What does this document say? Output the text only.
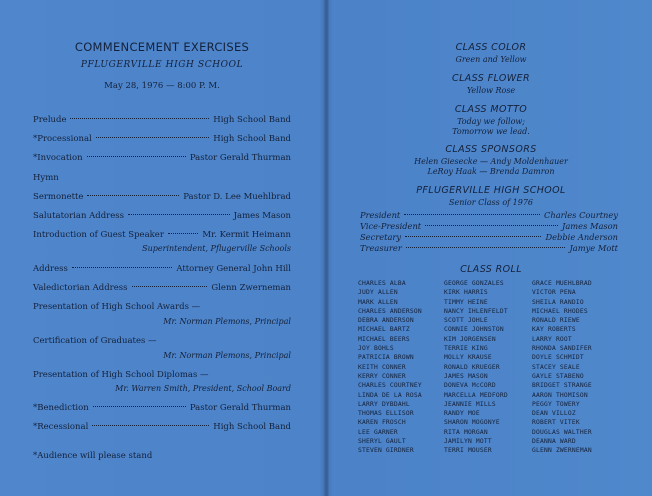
COMMENCEMENT EXERCISES
PFLUGERVILLE HIGH SCHOOL
May 28, 1976 — 8:00 P. M.
Prelude	High School Band
*Processional	High School Band
*Invocation	Pastor Gerald Thurman
Hymn
Sermonette	Pastor D. Lee Muehlbrad
Salutatorian Address	James Mason
Introduction of Guest Speaker	Mr. Kermit Heimann
Superintendent, Pflugerville Schools
Address	Attorney General John Hill
Valedictorian Address	Glenn Zwerneman
Presentation of High School Awards —
Mr. Norman Plemons, Principal
Certification of Graduates —
Mr. Norman Plemons, Principal
Presentation of High School Diplomas —
Mr. Warren Smith, President, School Board
*Benediction	Pastor Gerald Thurman
*Recessional	High School Band
*Audience will please stand
CLASS COLOR
Green and Yellow
CLASS FLOWER
Yellow Rose
CLASS MOTTO
Today we follow;
Tomorrow we lead.
CLASS SPONSORS
Helen Giesecke — Andy Moldenhauer
LeRoy Haak — Brenda Damron
PFLUGERVILLE HIGH SCHOOL
Senior Class of 1976
President	Charles Courtney
Vice-President	James Mason
Secretary	Debbie Anderson
Treasurer	Jamye Mott
CLASS ROLL
CHARLES ALBA
JUDY ALLEN
MARK ALLEN
CHARLES ANDERSON
DEBRA ANDERSON
MICHAEL BARTZ
MICHAEL BEERS
JOY BOHLS
PATRICIA BROWN
KEITH CONNER
KERRY CONNER
CHARLES COURTNEY
LINDA DE LA ROSA
LARRY DYBDAHL
THOMAS ELLISOR
KAREN FROSCH
LEE GARNER
SHERYL GAULT
STEVEN GIRDNER
GEORGE GONZALES
KIRK HARRIS
TIMMY HEINE
NANCY IHLENFELDT
SCOTT JOHLE
CONNIE JOHNSTON
KIM JORGENSEN
TERRIE KING
MOLLY KRAUSE
RONALD KRUEGER
JAMES MASON
DONEVA McCORD
MARCELLA MEDFORD
JEANNIE MILLS
RANDY MOE
SHARON MOGONYE
RITA MORGAN
JAMILYN MOTT
TERRI MOUSER
GRACE MUEHLBRAD
VICTOR PENA
SHEILA RANDIO
MICHAEL RHODES
RONALD RIEWE
KAY ROBERTS
LARRY ROOT
RHONDA SANDIFER
DOYLE SCHMIDT
STACEY SEALE
GAYLE STABENO
BRIDGET STRANGE
AARON THOMISON
PEGGY TOWERY
DEAN VILLOZ
ROBERT VITEK
DOUGLAS WALTHER
DEANNA WARD
GLENN ZWERNEMAN
